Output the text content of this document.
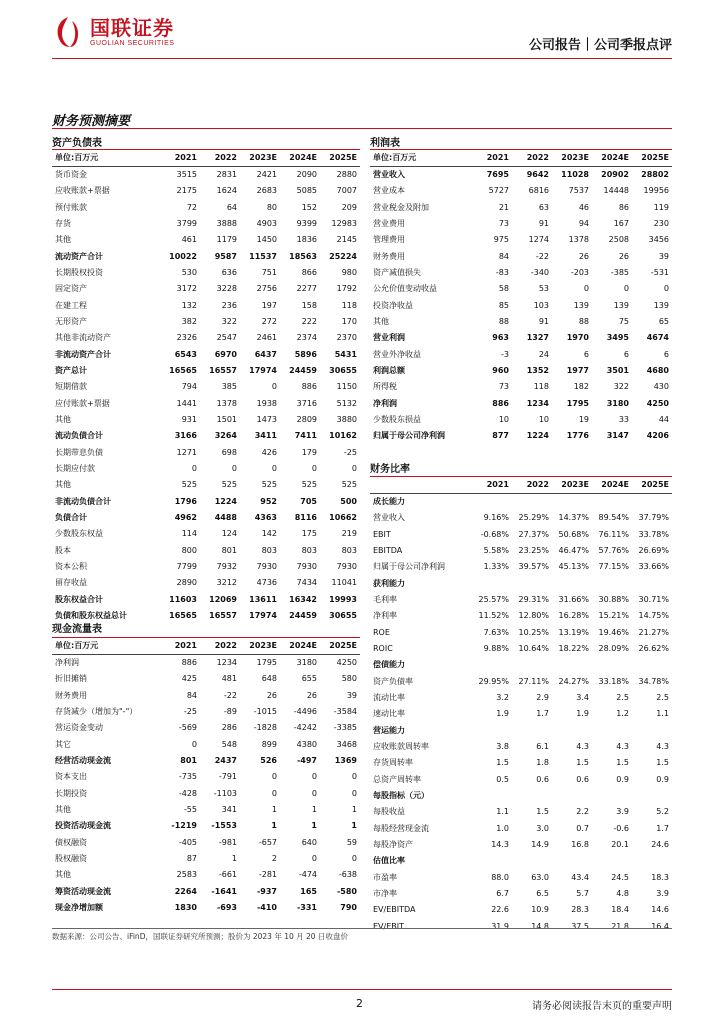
国联证券
GUOLIAN SECURITIES	公司报告｜公司季报点评
财务预测摘要
资产负债表
单位:百万元	2021	2022	2023E	2024E	2025E
货币资金	3515	2831	2421	2090	2880
应收账款+票据	2175	1624	2683	5085	7007
预付账款	72	64	80	152	209
存货	3799	3888	4903	9399	12983
其他	461	1179	1450	1836	2145
流动资产合计	10022	9587	11537	18563	25224
长期股权投资	530	636	751	866	980
固定资产	3172	3228	2756	2277	1792
在建工程	132	236	197	158	118
无形资产	382	322	272	222	170
其他非流动资产	2326	2547	2461	2374	2370
非流动资产合计	6543	6970	6437	5896	5431
资产总计	16565	16557	17974	24459	30655
短期借款	794	385	0	886	1150
应付账款+票据	1441	1378	1938	3716	5132
其他	931	1501	1473	2809	3880
流动负债合计	3166	3264	3411	7411	10162
长期带息负债	1271	698	426	179	-25
长期应付款	0	0	0	0	0
其他	525	525	525	525	525
非流动负债合计	1796	1224	952	705	500
负债合计	4962	4488	4363	8116	10662
少数股东权益	114	124	142	175	219
股本	800	801	803	803	803
资本公积	7799	7932	7930	7930	7930
留存收益	2890	3212	4736	7434	11041
股东权益合计	11603	12069	13611	16342	19993
负债和股东权益总计	16565	16557	17974	24459	30655
现金流量表
单位:百万元	2021	2022	2023E	2024E	2025E
净利润	886	1234	1795	3180	4250
折旧摊销	425	481	648	655	580
财务费用	84	-22	26	26	39
存货减少（增加为"-"）	-25	-89	-1015	-4496	-3584
营运资金变动	-569	286	-1828	-4242	-3385
其它	0	548	899	4380	3468
经营活动现金流	801	2437	526	-497	1369
资本支出	-735	-791	0	0	0
长期投资	-428	-1103	0	0	0
其他	-55	341	1	1	1
投资活动现金流	-1219	-1553	1	1	1
债权融资	-405	-981	-657	640	59
股权融资	87	1	2	0	0
其他	2583	-661	-281	-474	-638
筹资活动现金流	2264	-1641	-937	165	-580
现金净增加额	1830	-693	-410	-331	790
利润表
单位:百万元	2021	2022	2023E	2024E	2025E
营业收入	7695	9642	11028	20902	28802
营业成本	5727	6816	7537	14448	19956
营业税金及附加	21	63	46	86	119
营业费用	73	91	94	167	230
管理费用	975	1274	1378	2508	3456
财务费用	84	-22	26	26	39
资产减值损失	-83	-340	-203	-385	-531
公允价值变动收益	58	53	0	0	0
投资净收益	85	103	139	139	139
其他	88	91	88	75	65
营业利润	963	1327	1970	3495	4674
营业外净收益	-3	24	6	6	6
利润总额	960	1352	1977	3501	4680
所得税	73	118	182	322	430
净利润	886	1234	1795	3180	4250
少数股东损益	10	10	19	33	44
归属于母公司净利润	877	1224	1776	3147	4206
财务比率
	2021	2022	2023E	2024E	2025E
成长能力					
营业收入	9.16%	25.29%	14.37%	89.54%	37.79%
EBIT	-0.68%	27.37%	50.68%	76.11%	33.78%
EBITDA	5.58%	23.25%	46.47%	57.76%	26.69%
归属于母公司净利润	1.33%	39.57%	45.13%	77.15%	33.66%
获利能力					
毛利率	25.57%	29.31%	31.66%	30.88%	30.71%
净利率	11.52%	12.80%	16.28%	15.21%	14.75%
ROE	7.63%	10.25%	13.19%	19.46%	21.27%
ROIC	9.88%	10.64%	18.22%	28.09%	26.62%
偿债能力					
资产负债率	29.95%	27.11%	24.27%	33.18%	34.78%
流动比率	3.2	2.9	3.4	2.5	2.5
速动比率	1.9	1.7	1.9	1.2	1.1
营运能力					
应收账款周转率	3.8	6.1	4.3	4.3	4.3
存货周转率	1.5	1.8	1.5	1.5	1.5
总资产周转率	0.5	0.6	0.6	0.9	0.9
每股指标（元）					
每股收益	1.1	1.5	2.2	3.9	5.2
每股经营现金流	1.0	3.0	0.7	-0.6	1.7
每股净资产	14.3	14.9	16.8	20.1	24.6
估值比率					
市盈率	88.0	63.0	43.4	24.5	18.3
市净率	6.7	6.5	5.7	4.8	3.9
EV/EBITDA	22.6	10.9	28.3	18.4	14.6
EV/EBIT	31.9	14.8	37.5	21.8	16.4
数据来源：公司公告、iFinD，国联证券研究所预测；股价为 2023 年 10 月 20 日收盘价
2	请务必阅读报告末页的重要声明
